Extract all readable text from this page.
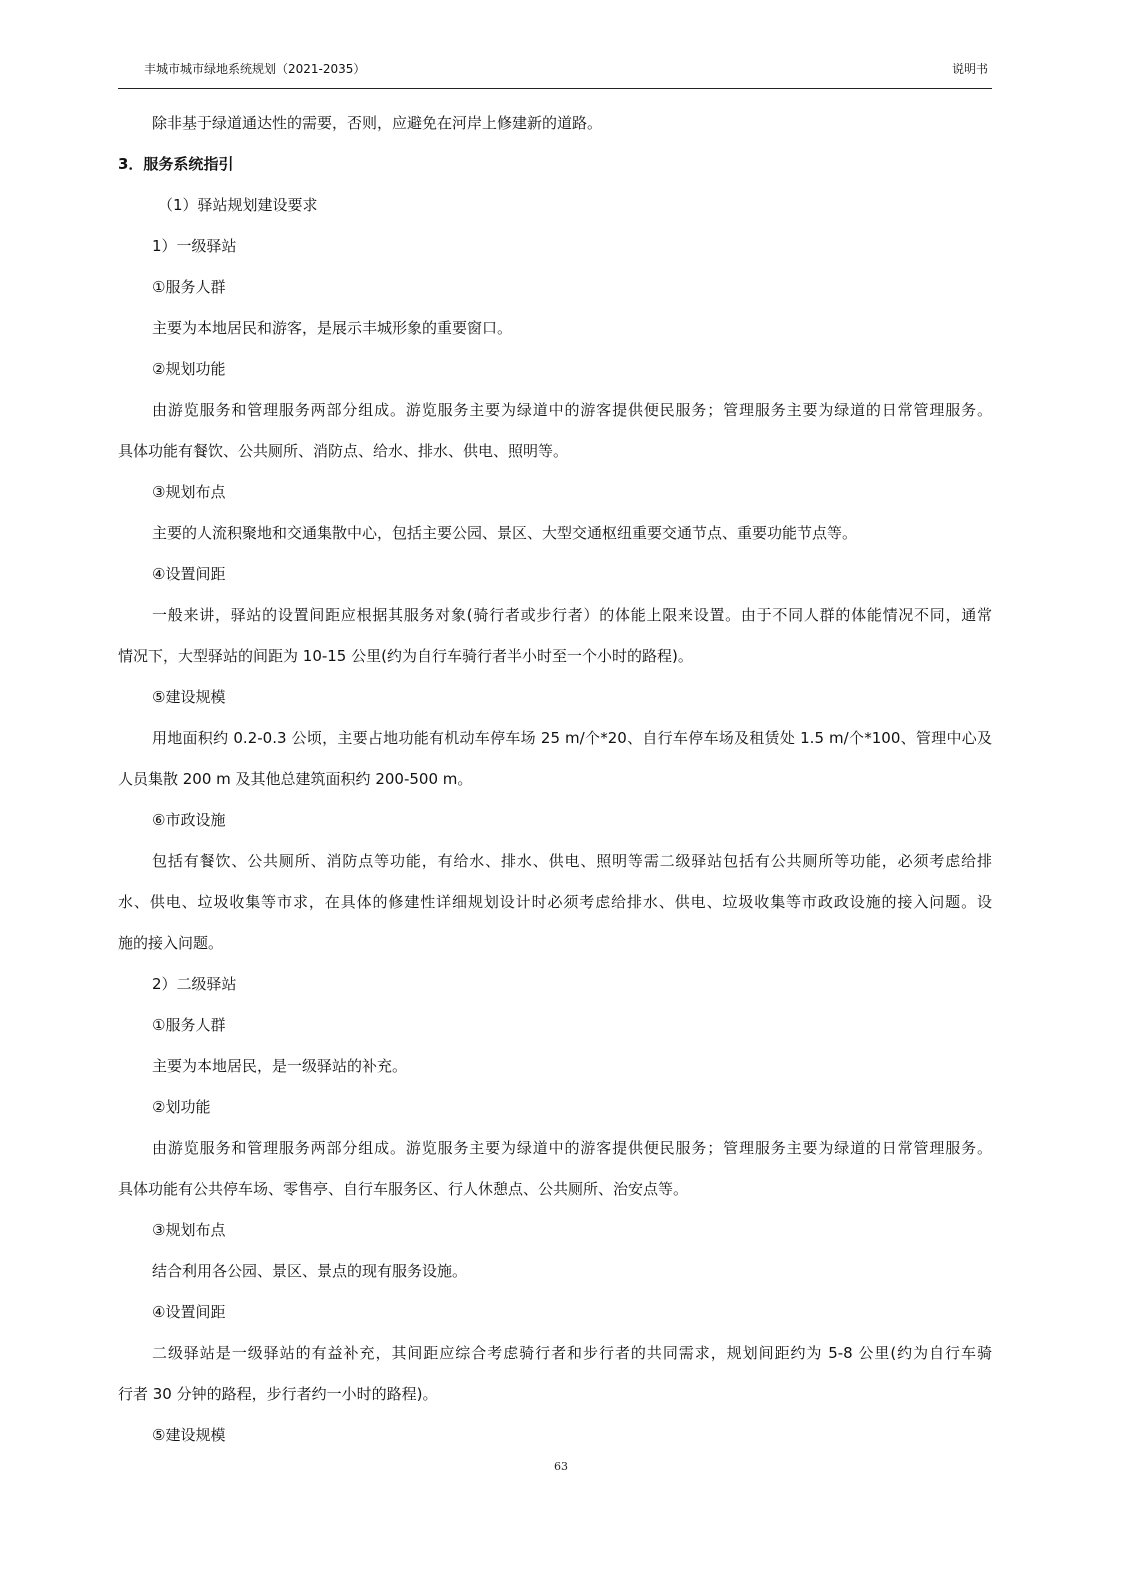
丰城市城市绿地系统规划（2021-2035）	说明书

除非基于绿道通达性的需要，否则，应避免在河岸上修建新的道路。

3．服务系统指引

（1）驿站规划建设要求

1）一级驿站

①服务人群

主要为本地居民和游客，是展示丰城形象的重要窗口。

②规划功能

由游览服务和管理服务两部分组成。游览服务主要为绿道中的游客提供便民服务；管理服务主要为绿道的日常管理服务。

具体功能有餐饮、公共厕所、消防点、给水、排水、供电、照明等。

③规划布点

主要的人流积聚地和交通集散中心，包括主要公园、景区、大型交通枢纽重要交通节点、重要功能节点等。

④设置间距

一般来讲，驿站的设置间距应根据其服务对象(骑行者或步行者）的体能上限来设置。由于不同人群的体能情况不同，通常

情况下，大型驿站的间距为 10-15 公里(约为自行车骑行者半小时至一个小时的路程)。

⑤建设规模

用地面积约 0.2-0.3 公顷，主要占地功能有机动车停车场 25 m/个*20、自行车停车场及租赁处 1.5 m/个*100、管理中心及

人员集散 200 m 及其他总建筑面积约 200-500 m。

⑥市政设施

包括有餐饮、公共厕所、消防点等功能，有给水、排水、供电、照明等需二级驿站包括有公共厕所等功能，必须考虑给排

水、供电、垃圾收集等市求，在具体的修建性详细规划设计时必须考虑给排水、供电、垃圾收集等市政政设施的接入问题。设

施的接入问题。

2）二级驿站

①服务人群

主要为本地居民，是一级驿站的补充。

②划功能

由游览服务和管理服务两部分组成。游览服务主要为绿道中的游客提供便民服务；管理服务主要为绿道的日常管理服务。

具体功能有公共停车场、零售亭、自行车服务区、行人休憩点、公共厕所、治安点等。

③规划布点

结合利用各公园、景区、景点的现有服务设施。

④设置间距

二级驿站是一级驿站的有益补充，其间距应综合考虑骑行者和步行者的共同需求，规划间距约为 5-8 公里(约为自行车骑

行者 30 分钟的路程，步行者约一小时的路程)。

⑤建设规模

63
